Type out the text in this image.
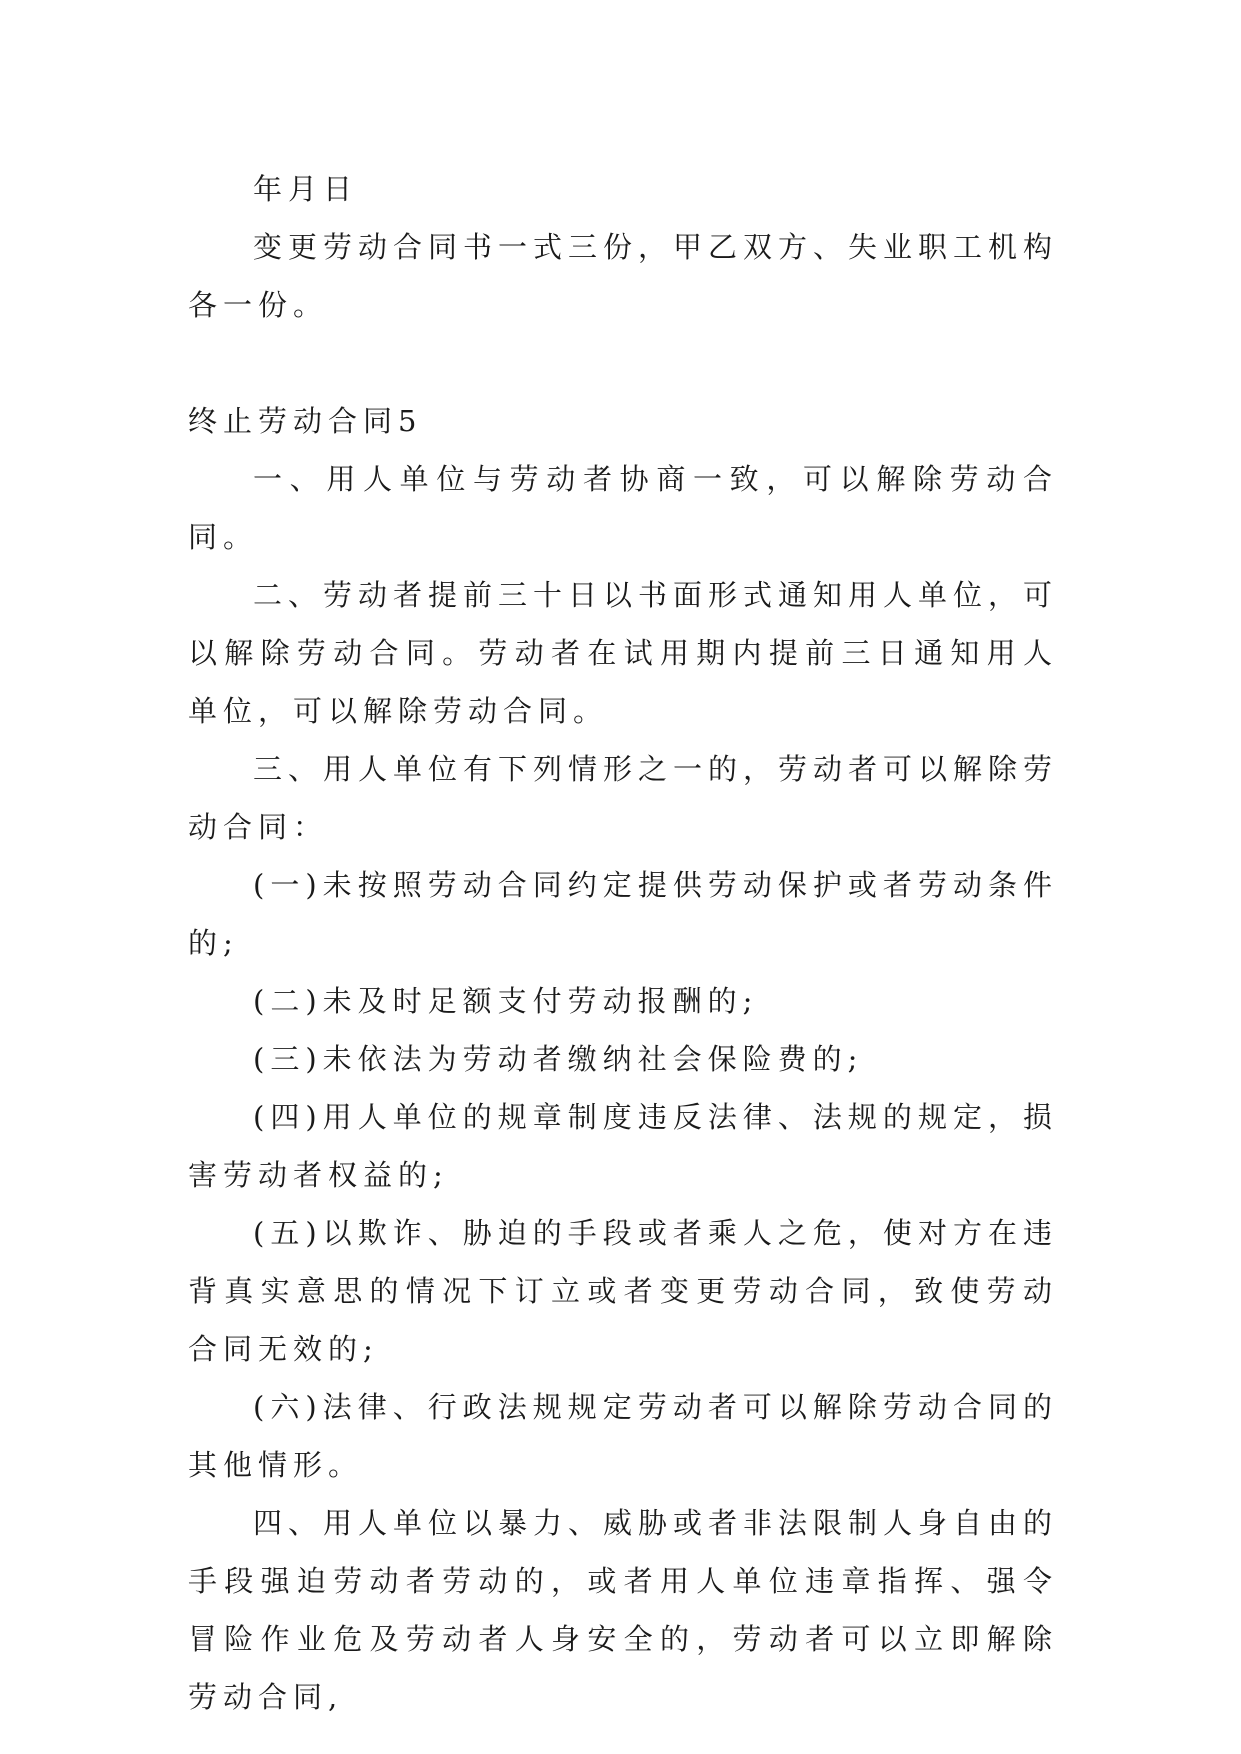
年月日

变更劳动合同书一式三份，甲乙双方、失业职工机构各一份。

终止劳动合同5

一、用人单位与劳动者协商一致，可以解除劳动合同。

二、劳动者提前三十日以书面形式通知用人单位，可以解除劳动合同。劳动者在试用期内提前三日通知用人单位，可以解除劳动合同。

三、用人单位有下列情形之一的，劳动者可以解除劳动合同：

(一)未按照劳动合同约定提供劳动保护或者劳动条件的;

(二)未及时足额支付劳动报酬的;

(三)未依法为劳动者缴纳社会保险费的;

(四)用人单位的规章制度违反法律、法规的规定，损害劳动者权益的;

(五)以欺诈、胁迫的手段或者乘人之危，使对方在违背真实意思的情况下订立或者变更劳动合同，致使劳动合同无效的;

(六)法律、行政法规规定劳动者可以解除劳动合同的其他情形。

四、用人单位以暴力、威胁或者非法限制人身自由的手段强迫劳动者劳动的，或者用人单位违章指挥、强令冒险作业危及劳动者人身安全的，劳动者可以立即解除劳动合同,
